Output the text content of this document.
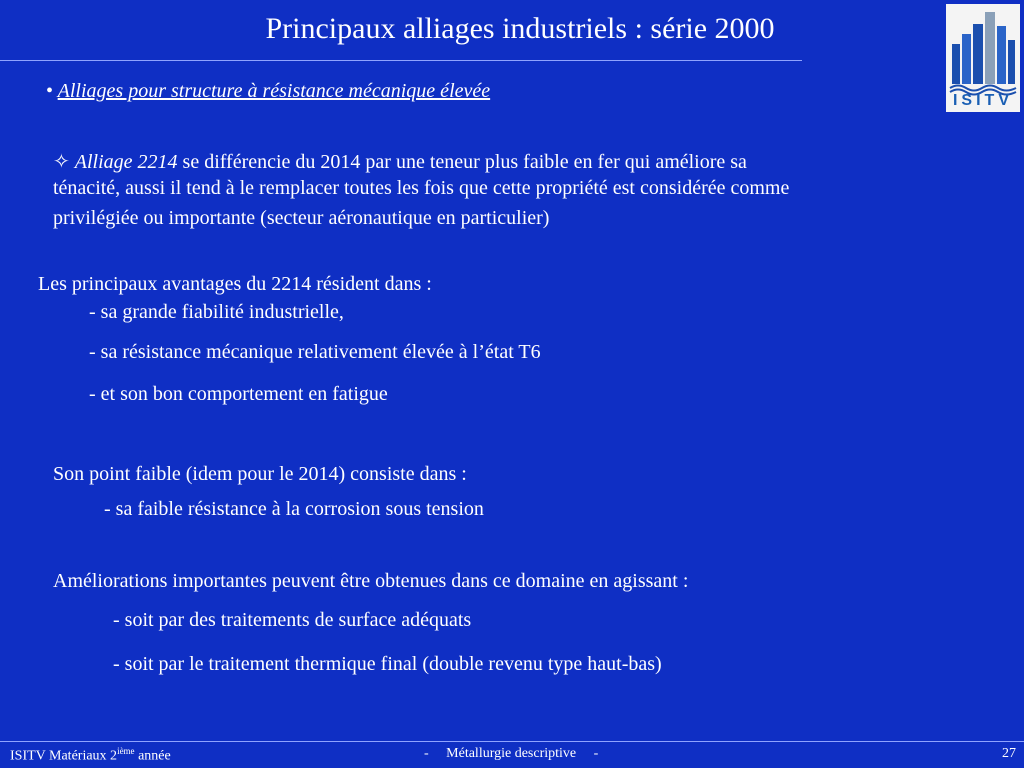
Principaux alliages industriels : série 2000
ISITV
• Alliages pour structure à résistance mécanique élevée
✧ Alliage 2214 se différencie du 2014 par une teneur plus faible en fer qui améliore sa
ténacité, aussi il tend à le remplacer toutes les fois que cette propriété est considérée comme
privilégiée ou importante (secteur aéronautique en particulier)
Les principaux avantages du 2214 résident dans :
- sa grande fiabilité industrielle,
- sa résistance mécanique relativement élevée à l’état T6
- et son bon comportement en fatigue
Son point faible (idem pour le 2014) consiste dans :
- sa faible résistance à la corrosion sous tension
Améliorations importantes peuvent être obtenues dans ce domaine en agissant :
- soit par des traitements de surface adéquats
- soit par le traitement thermique final (double revenu type haut-bas)
ISITV Matériaux 2ième année	-     Métallurgie descriptive     -	27
